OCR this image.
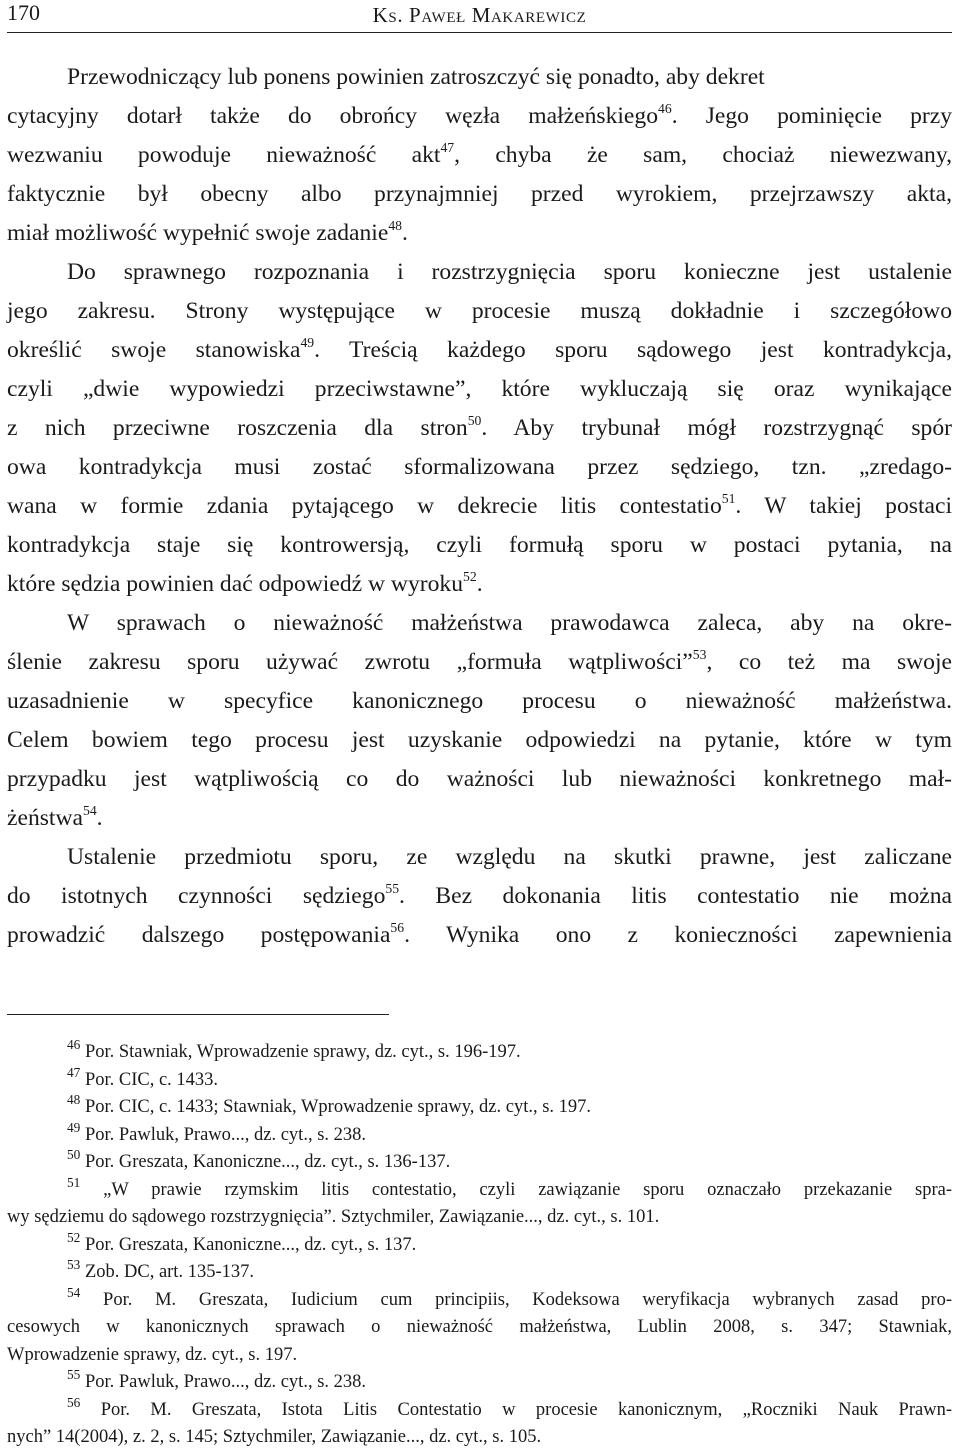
170	Ks. Paweł Makarewicz
Przewodniczący lub ponens powinien zatroszczyć się ponadto, aby dekret
cytacyjny dotarł także do obrońcy węzła małżeńskiego$^{46}$. Jego pominięcie przy
wezwaniu powoduje nieważność akt$^{47}$, chyba że sam, chociaż niewezwany,
faktycznie był obecny albo przynajmniej przed wyrokiem, przejrzawszy akta,
miał możliwość wypełnić swoje zadanie$^{48}$.
Do sprawnego rozpoznania i rozstrzygnięcia sporu konieczne jest ustalenie
jego zakresu. Strony występujące w procesie muszą dokładnie i szczegółowo
określić swoje stanowiska$^{49}$. Treścią każdego sporu sądowego jest kontradykcja,
czyli „dwie wypowiedzi przeciwstawne”, które wykluczają się oraz wynikające
z nich przeciwne roszczenia dla stron$^{50}$. Aby trybunał mógł rozstrzygnąć spór
owa kontradykcja musi zostać sformalizowana przez sędziego, tzn. „zredago-
wana w formie zdania pytającego w dekrecie litis contestatio$^{51}$. W takiej postaci
kontradykcja staje się kontrowersją, czyli formułą sporu w postaci pytania, na
które sędzia powinien dać odpowiedź w wyroku$^{52}$.
W sprawach o nieważność małżeństwa prawodawca zaleca, aby na okre-
ślenie zakresu sporu używać zwrotu „formuła wątpliwości”$^{53}$, co też ma swoje
uzasadnienie w specyfice kanonicznego procesu o nieważność małżeństwa.
Celem bowiem tego procesu jest uzyskanie odpowiedzi na pytanie, które w tym
przypadku jest wątpliwością co do ważności lub nieważności konkretnego mał-
żeństwa$^{54}$.
Ustalenie przedmiotu sporu, ze względu na skutki prawne, jest zaliczane
do istotnych czynności sędziego$^{55}$. Bez dokonania litis contestatio nie można
prowadzić dalszego postępowania$^{56}$. Wynika ono z konieczności zapewnienia
$^{46}$ Por. Stawniak, Wprowadzenie sprawy, dz. cyt., s. 196-197.
$^{47}$ Por. CIC, c. 1433.
$^{48}$ Por. CIC, c. 1433; Stawniak, Wprowadzenie sprawy, dz. cyt., s. 197.
$^{49}$ Por. Pawluk, Prawo..., dz. cyt., s. 238.
$^{50}$ Por. Greszata, Kanoniczne..., dz. cyt., s. 136-137.
$^{51}$ „W prawie rzymskim litis contestatio, czyli zawiązanie sporu oznaczało przekazanie spra-
wy sędziemu do sądowego rozstrzygnięcia”. Sztychmiler, Zawiązanie..., dz. cyt., s. 101.
$^{52}$ Por. Greszata, Kanoniczne..., dz. cyt., s. 137.
$^{53}$ Zob. DC, art. 135-137.
$^{54}$ Por. M. Greszata, Iudicium cum principiis, Kodeksowa weryfikacja wybranych zasad pro-
cesowych w kanonicznych sprawach o nieważność małżeństwa, Lublin 2008, s. 347; Stawniak,
Wprowadzenie sprawy, dz. cyt., s. 197.
$^{55}$ Por. Pawluk, Prawo..., dz. cyt., s. 238.
$^{56}$ Por. M. Greszata, Istota Litis Contestatio w procesie kanonicznym, „Roczniki Nauk Prawn-
nych” 14(2004), z. 2, s. 145; Sztychmiler, Zawiązanie..., dz. cyt., s. 105.
